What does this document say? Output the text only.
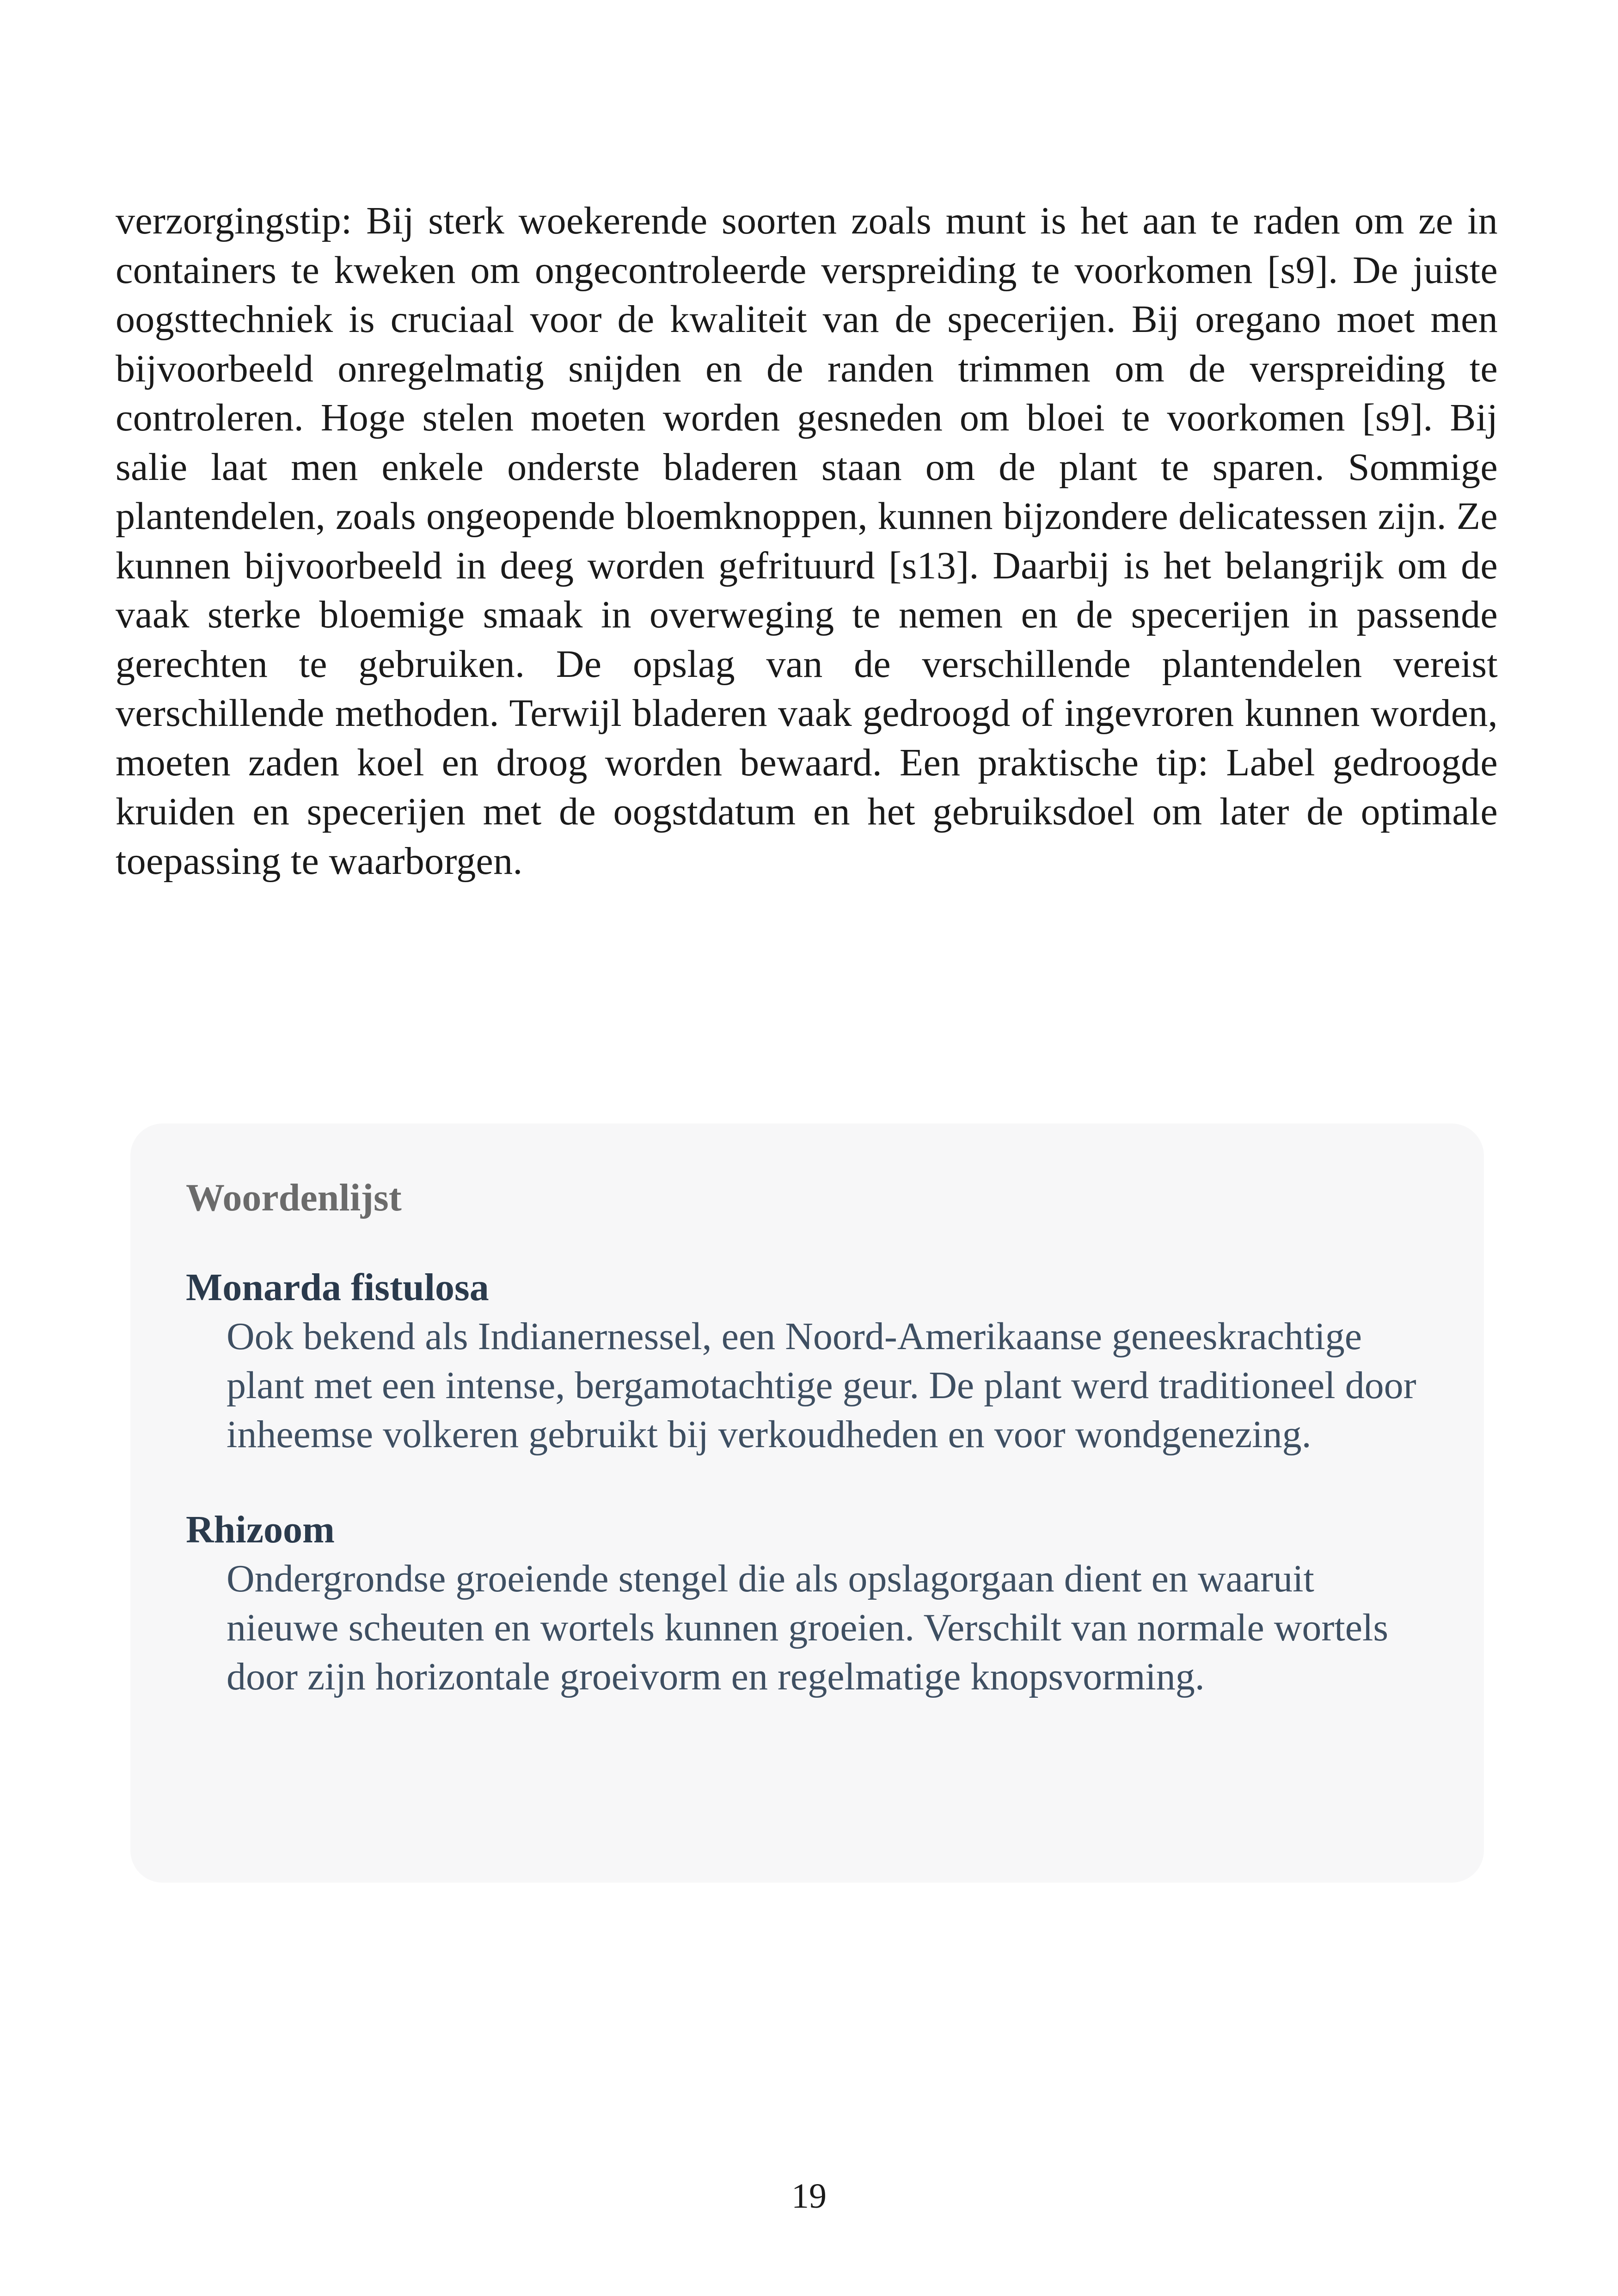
verzorgingstip: Bij sterk woekerende soorten zoals munt is het aan te raden om ze in containers te kweken om ongecontroleerde verspreiding te voorkomen [s9]. De juiste oogsttechniek is cruciaal voor de kwaliteit van de specerijen. Bij oregano moet men bijvoorbeeld onregelmatig snijden en de randen trimmen om de verspreiding te controleren. Hoge stelen moeten worden gesneden om bloei te voorkomen [s9]. Bij salie laat men enkele onderste bladeren staan om de plant te sparen. Sommige plantendelen, zoals ongeopende bloemknoppen, kunnen bijzondere delicatessen zijn. Ze kunnen bijvoorbeeld in deeg worden gefrituurd [s13]. Daarbij is het belangrijk om de vaak sterke bloemige smaak in overweging te nemen en de specerijen in passende gerechten te gebruiken. De opslag van de verschillende plantendelen vereist verschillende methoden. Terwijl bladeren vaak gedroogd of ingevroren kunnen worden, moeten zaden koel en droog worden bewaard. Een praktische tip: Label gedroogde kruiden en specerijen met de oogstdatum en het gebruiksdoel om later de optimale toepassing te waarborgen.

Woordenlijst
Monarda fistulosa

Ook bekend als Indianernessel, een Noord-Amerikaanse geneeskrachtige plant met een intense, bergamotachtige geur. De plant werd traditioneel door inheemse volkeren gebruikt bij verkoudheden en voor wondgenezing.

Rhizoom

Ondergrondse groeiende stengel die als opslagorgaan dient en waaruit nieuwe scheuten en wortels kunnen groeien. Verschilt van normale wortels door zijn horizontale groeivorm en regelmatige knopsvorming.

19
